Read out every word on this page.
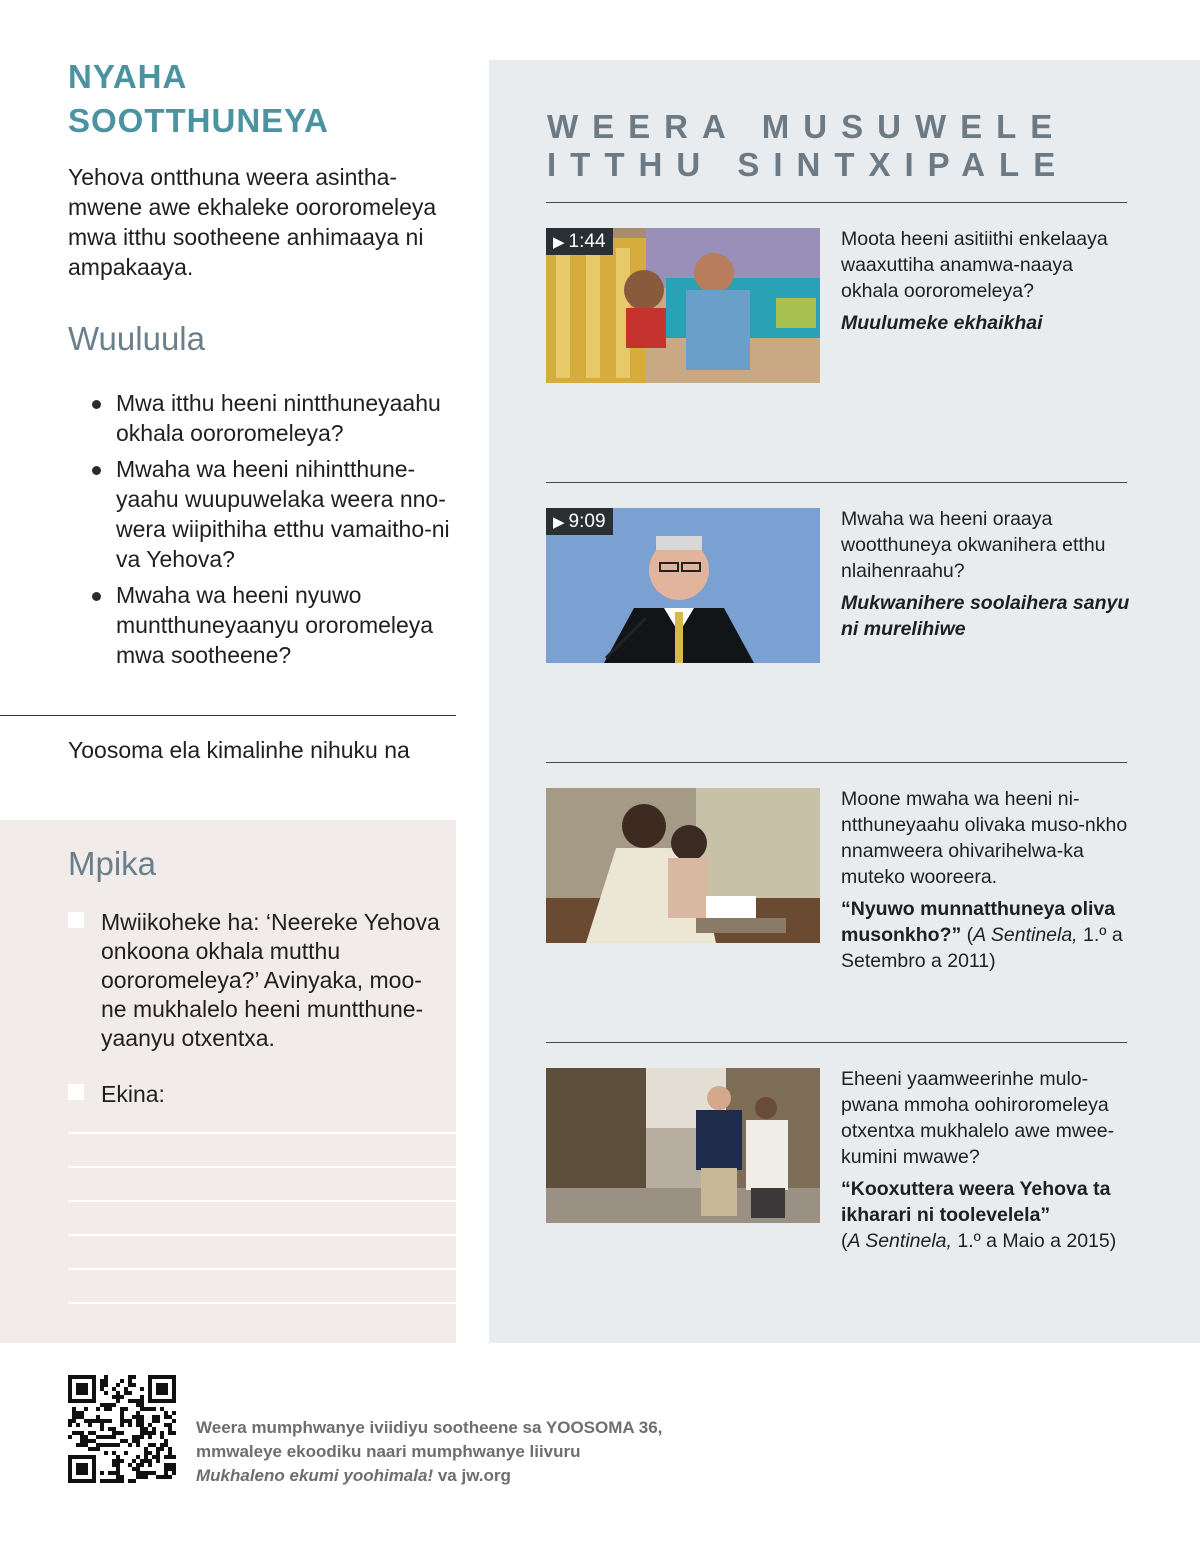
NYAHA SOOTTHUNEYA

Yehova ontthuna weera asintha-mwene awe ekhaleke oororomeleya mwa itthu sootheene anhimaaya ni ampakaaya.

Wuuluula
Mwa itthu heeni nintthuneyaahu okhala oororomeleya?
Mwaha wa heeni nihintthune-yaahu wuupuwelaka weera nno-wera wiipithiha etthu vamaitho-ni va Yehova?
Mwaha wa heeni nyuwo muntthuneyaanyu ororomeleya mwa sootheene?

Yoosoma ela kimalinhe nihuku na

Mpika
Mwiikoheke ha: ‘Neereke Yehova onkoona okhala mutthu oororomeleya?’ Avinyaka, moo-ne mukhalelo heeni muntthune-yaanyu otxentxa.
Ekina:
WEERA MUSUWELE
ITTHU SINTXIPALE
▶ 1:44	Moota heeni asitiithi enkelaaya waaxuttiha anamwa-naaya okhala oororomeleya?
Muulumeke ekhaikhai
▶ 9:09	Mwaha wa heeni oraaya wootthuneya okwanihera etthu nlaihenraahu?
Mukwanihere soolaihera sanyu ni murelihiwe
Moone mwaha wa heeni ni-ntthuneyaahu olivaka muso-nkho nnamweera ohivarihelwa-ka muteko wooreera.
“Nyuwo munnatthuneya oliva musonkho?” (A Sentinela, 1.º a Setembro a 2011)
Eheeni yaamweerinhe mulo-pwana mmoha oohiroromeleya otxentxa mukhalelo awe mwee-kumini mwawe?
“Kooxuttera weera Yehova ta ikharari ni toolevelela”
(A Sentinela, 1.º a Maio a 2015)
Weera mumphwanye iviidiyu sootheene sa YOOSOMA 36,
mmwaleye ekoodiku naari mumphwanye liivuru
Mukhaleno ekumi yoohimala! va jw.org
